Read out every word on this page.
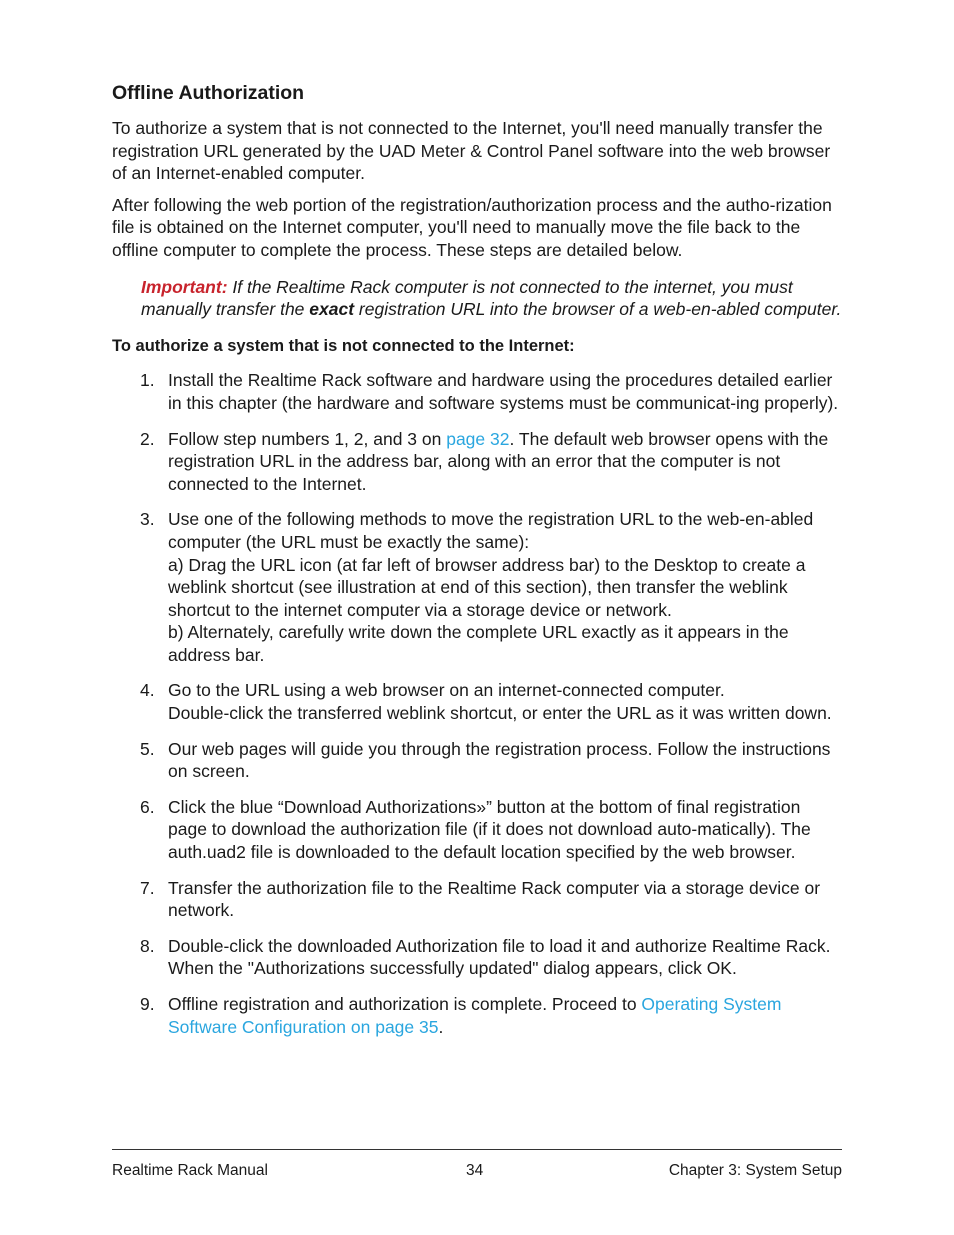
Offline Authorization

To authorize a system that is not connected to the Internet, you'll need manually transfer the registration URL generated by the UAD Meter & Control Panel software into the web browser of an Internet-enabled computer.

After following the web portion of the registration/authorization process and the autho-rization file is obtained on the Internet computer, you'll need to manually move the file back to the offline computer to complete the process. These steps are detailed below.

Important: If the Realtime Rack computer is not connected to the internet, you must manually transfer the exact registration URL into the browser of a web-en-abled computer.
To authorize a system that is not connected to the Internet:
1. Install the Realtime Rack software and hardware using the procedures detailed earlier in this chapter (the hardware and software systems must be communicat-ing properly).
2. Follow step numbers 1, 2, and 3 on page 32. The default web browser opens with the registration URL in the address bar, along with an error that the computer is not connected to the Internet.
3. Use one of the following methods to move the registration URL to the web-en-abled computer (the URL must be exactly the same):
a) Drag the URL icon (at far left of browser address bar) to the Desktop to create a weblink shortcut (see illustration at end of this section), then transfer the weblink shortcut to the internet computer via a storage device or network.
b) Alternately, carefully write down the complete URL exactly as it appears in the address bar.
4. Go to the URL using a web browser on an internet-connected computer.
Double-click the transferred weblink shortcut, or enter the URL as it was written down.
5. Our web pages will guide you through the registration process. Follow the instructions on screen.
6. Click the blue “Download Authorizations»” button at the bottom of final registration page to download the authorization file (if it does not download auto-matically). The auth.uad2 file is downloaded to the default location specified by the web browser.
7. Transfer the authorization file to the Realtime Rack computer via a storage device or network.
8. Double-click the downloaded Authorization file to load it and authorize Realtime Rack. When the "Authorizations successfully updated" dialog appears, click OK.
9. Offline registration and authorization is complete. Proceed to Operating System Software Configuration on page 35.
Realtime Rack Manual	34	Chapter 3: System Setup
